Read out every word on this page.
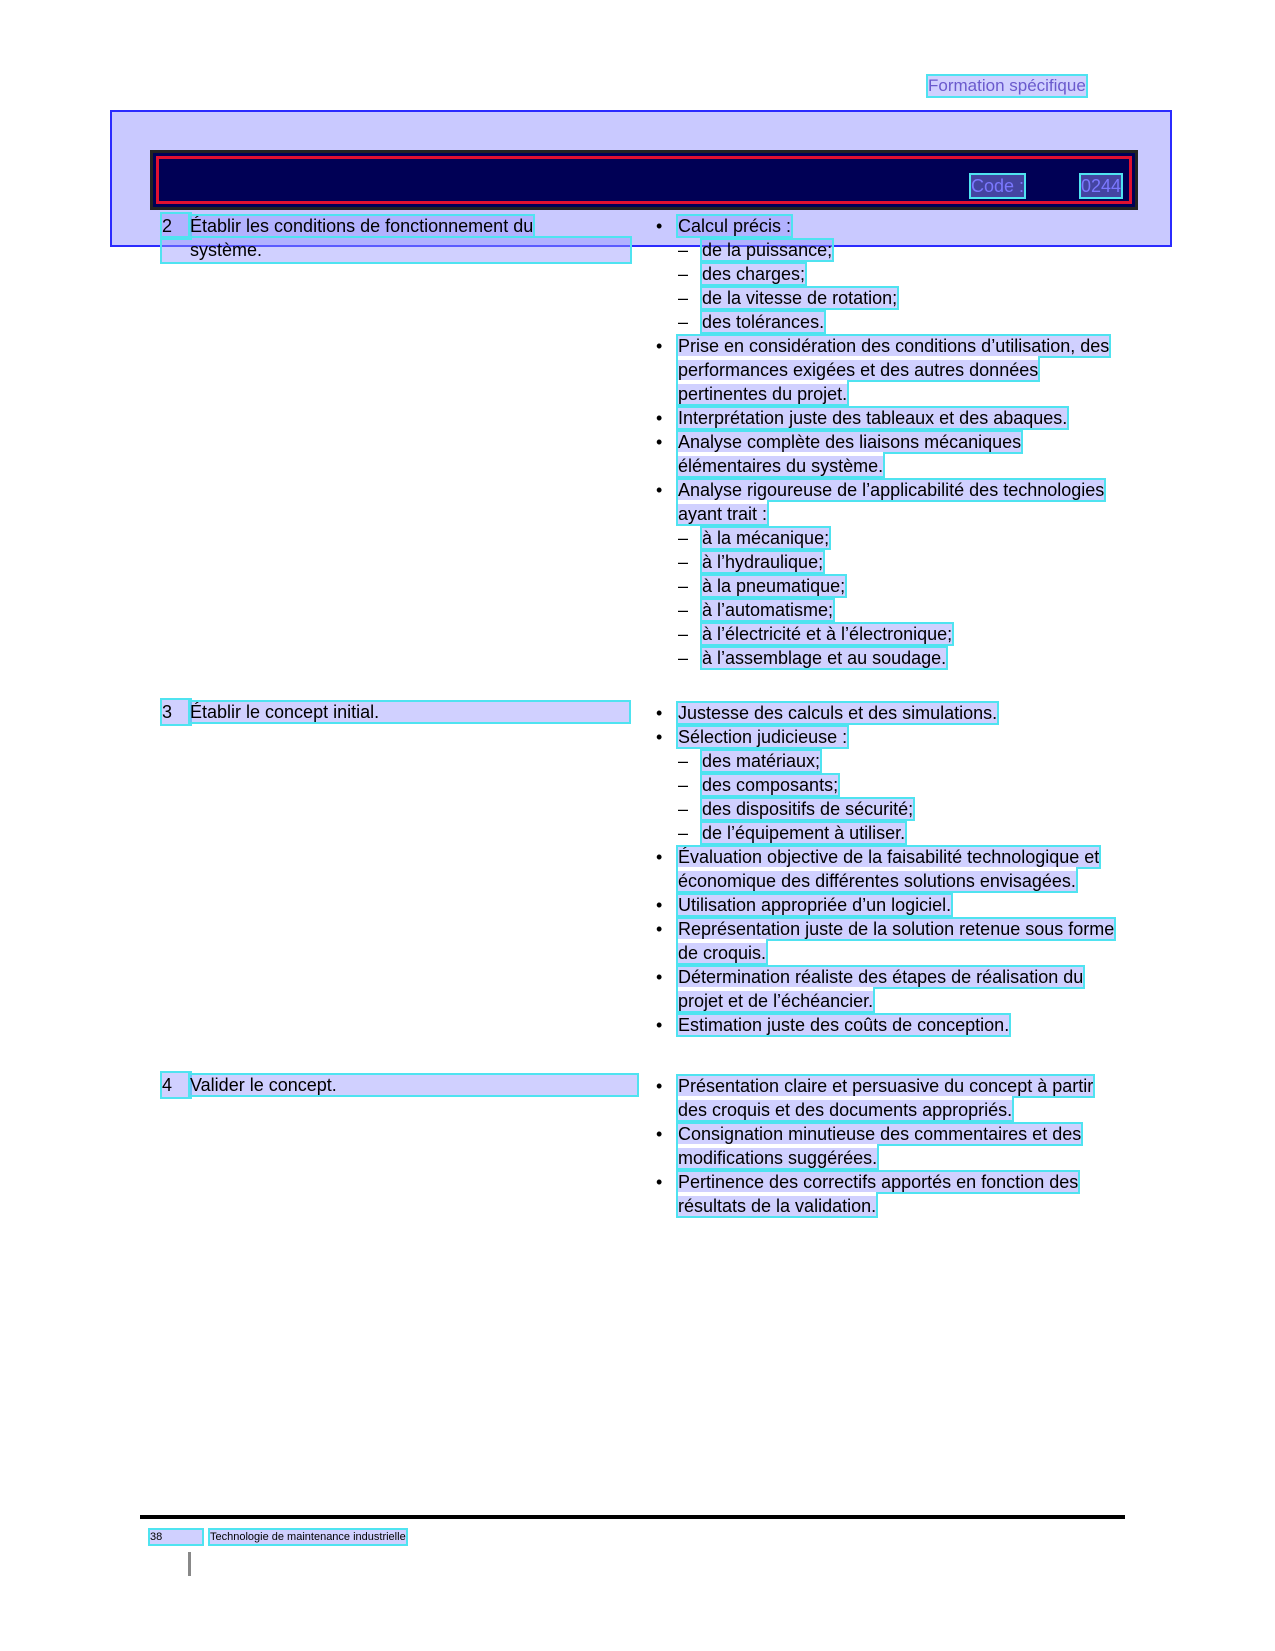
Formation spécifique
Code :	0244
2 Établir les conditions de fonctionnement du
système.
• Calcul précis :
– de la puissance;
– des charges;
– de la vitesse de rotation;
– des tolérances.
• Prise en considération des conditions d’utilisation, des performances exigées et des autres données pertinentes du projet.
• Interprétation juste des tableaux et des abaques.
• Analyse complète des liaisons mécaniques élémentaires du système.
• Analyse rigoureuse de l’applicabilité des technologies ayant trait :
– à la mécanique;
– à l’hydraulique;
– à la pneumatique;
– à l’automatisme;
– à l’électricité et à l’électronique;
– à l’assemblage et au soudage.
3 Établir le concept initial.	• Justesse des calculs et des simulations.
• Sélection judicieuse :
– des matériaux;
– des composants;
– des dispositifs de sécurité;
– de l’équipement à utiliser.
• Évaluation objective de la faisabilité technologique et économique des différentes solutions envisagées.
• Utilisation appropriée d’un logiciel.
• Représentation juste de la solution retenue sous forme de croquis.
• Détermination réaliste des étapes de réalisation du projet et de l’échéancier.
• Estimation juste des coûts de conception.
4 Valider le concept.	• Présentation claire et persuasive du concept à partir des croquis et des documents appropriés.
• Consignation minutieuse des commentaires et des modifications suggérées.
• Pertinence des correctifs apportés en fonction des résultats de la validation.
38	Technologie de maintenance industrielle
